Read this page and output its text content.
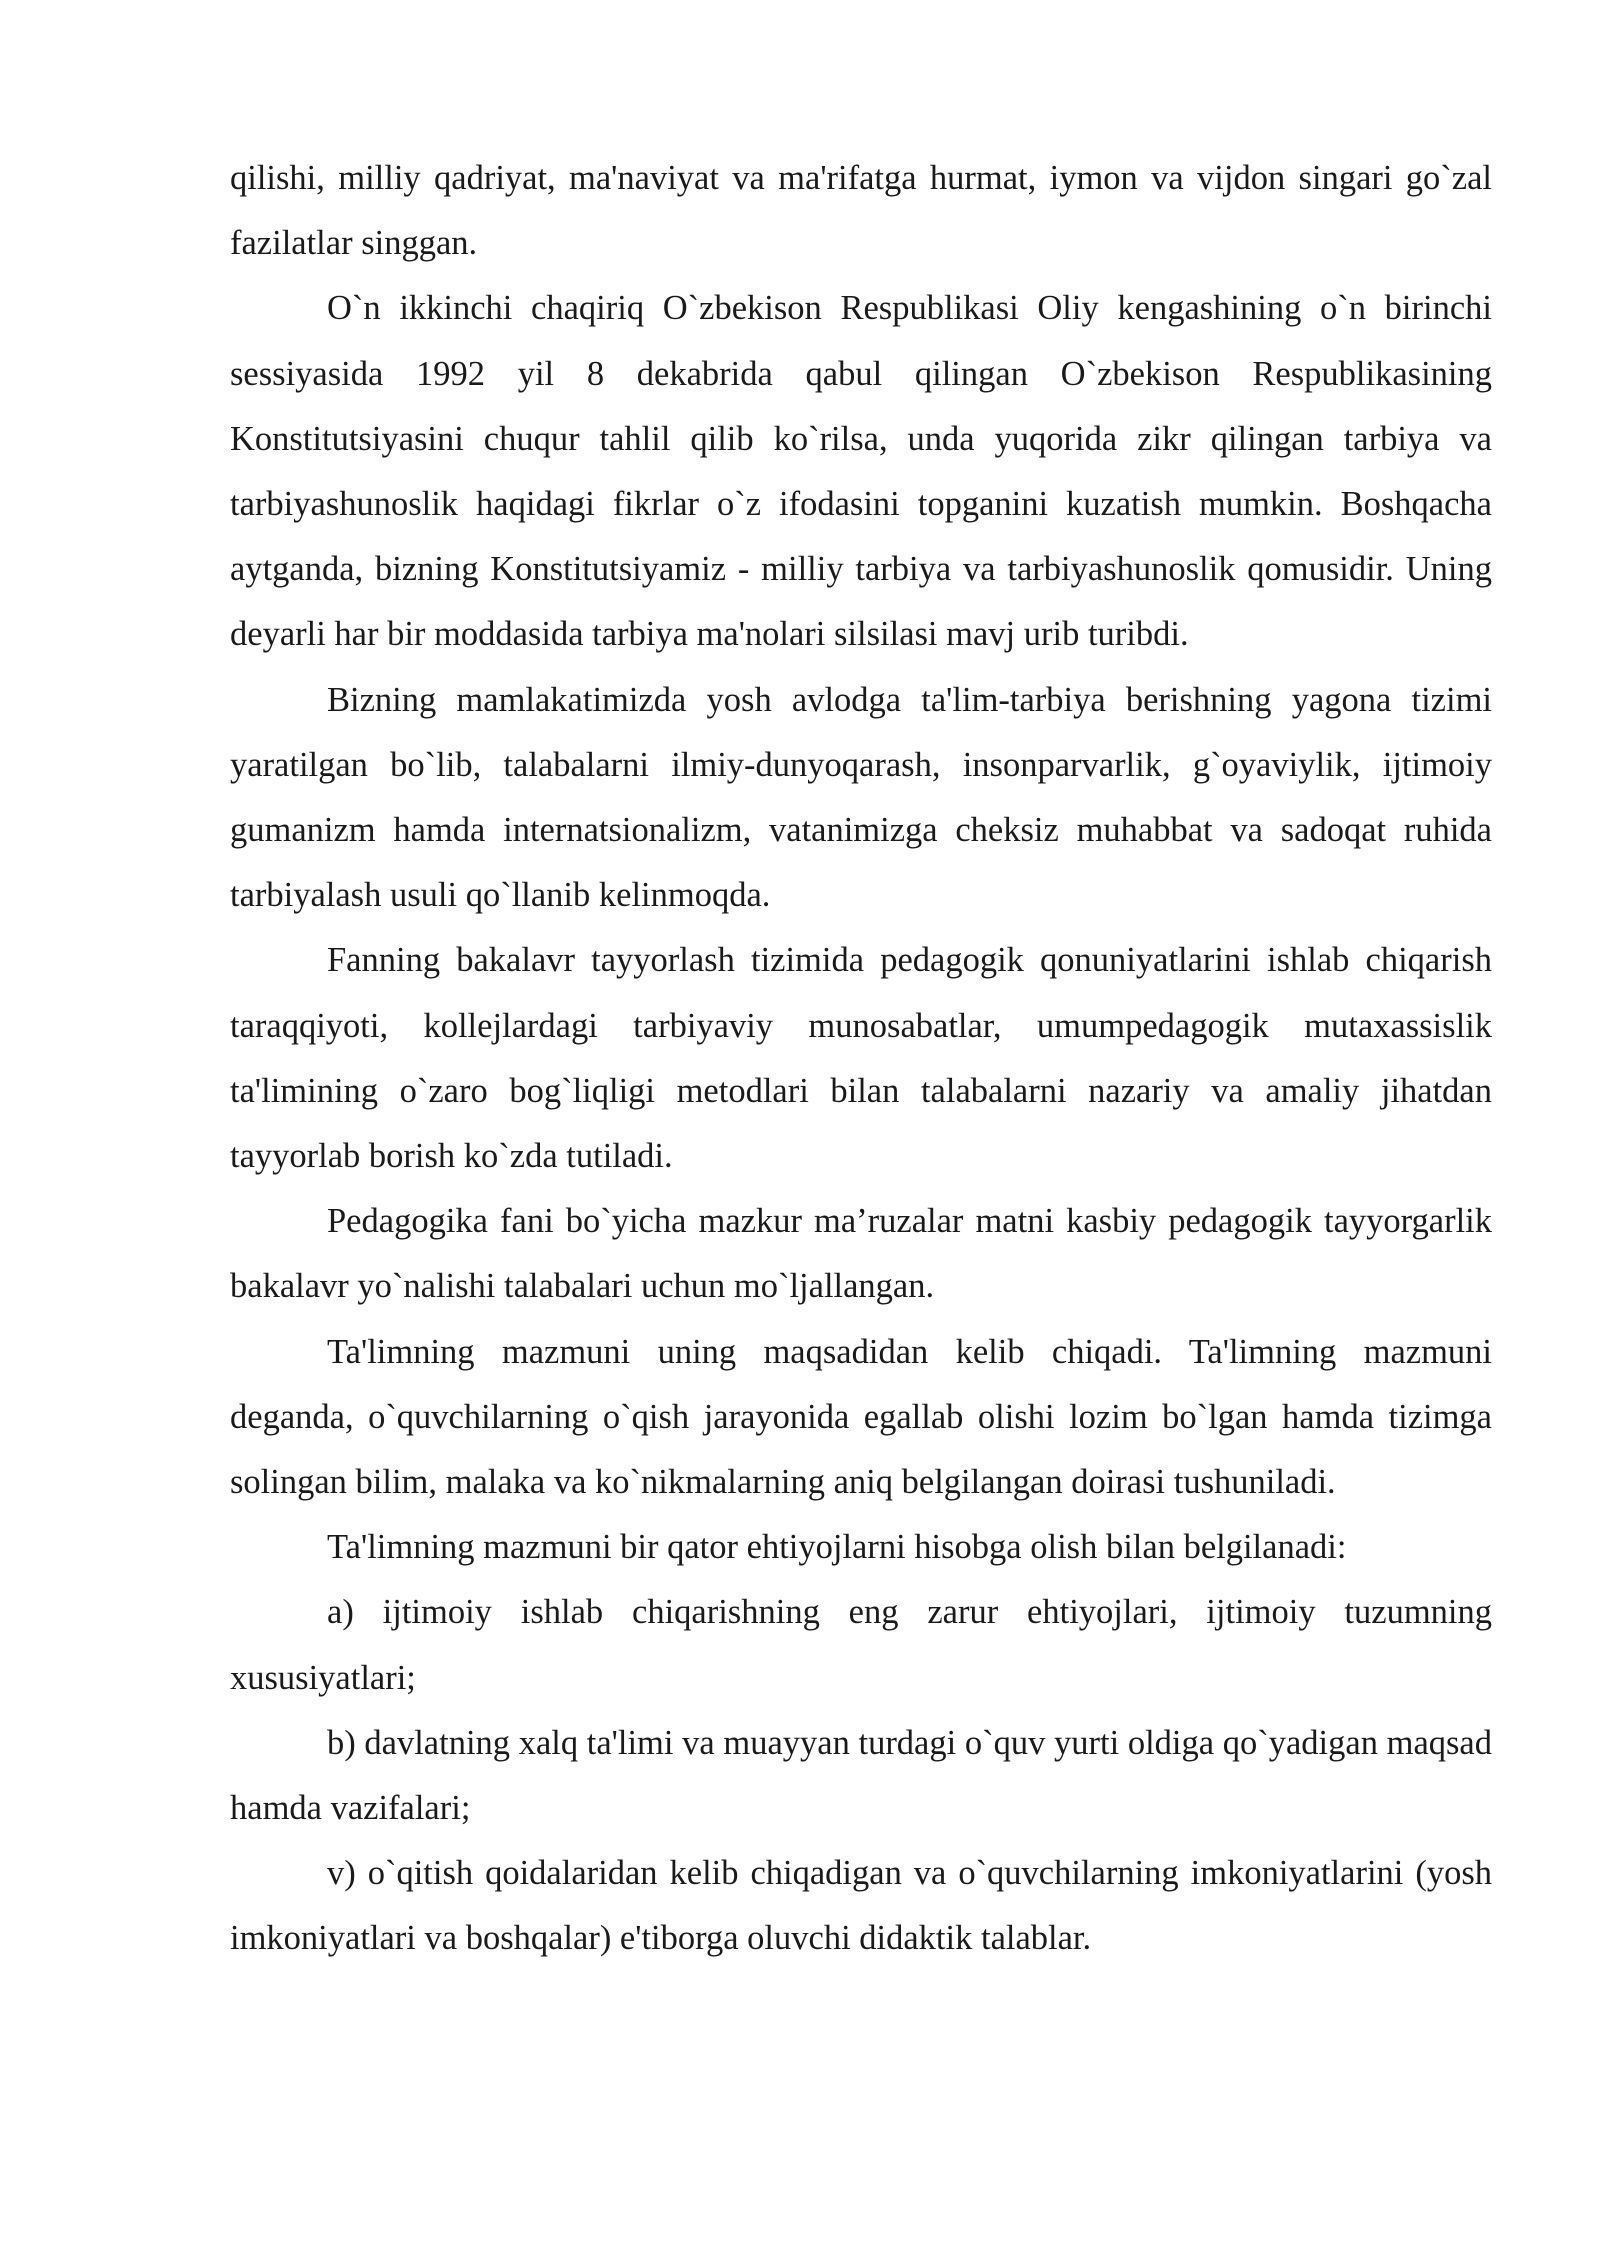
qilishi, milliy qadriyat, ma'naviyat va ma'rifatga hurmat, iymon va vijdon singari go`zal fazilatlar singgan.

O`n ikkinchi chaqiriq O`zbekison Respublikasi Oliy kengashining o`n birinchi sessiyasida 1992 yil 8 dekabrida qabul qilingan O`zbekison Respublikasining Konstitutsiyasini chuqur tahlil qilib ko`rilsa, unda yuqorida zikr qilingan tarbiya va tarbiyashunoslik haqidagi fikrlar o`z ifodasini topganini kuzatish mumkin. Boshqacha aytganda, bizning Konstitutsiyamiz - milliy tarbiya va tarbiyashunoslik qomusidir. Uning deyarli har bir moddasida tarbiya ma'nolari silsilasi mavj urib turibdi.

Bizning mamlakatimizda yosh avlodga ta'lim-tarbiya berishning yagona tizimi yaratilgan bo`lib, talabalarni ilmiy-dunyoqarash, insonparvarlik, g`oyaviylik, ijtimoiy gumanizm hamda internatsionalizm, vatanimizga cheksiz muhabbat va sadoqat ruhida tarbiyalash usuli qo`llanib kelinmoqda.

Fanning bakalavr tayyorlash tizimida pedagogik qonuniyatlarini ishlab chiqarish taraqqiyoti, kollejlardagi tarbiyaviy munosabatlar, umumpedagogik mutaxassislik ta'limining o`zaro bog`liqligi metodlari bilan talabalarni nazariy va amaliy jihatdan tayyorlab borish ko`zda tutiladi.

Pedagogika fani bo`yicha mazkur ma’ruzalar matni kasbiy pedagogik tayyorgarlik bakalavr yo`nalishi talabalari uchun mo`ljallangan.

Ta'limning mazmuni uning maqsadidan kelib chiqadi. Ta'limning mazmuni deganda, o`quvchilarning o`qish jarayonida egallab olishi lozim bo`lgan hamda tizimga solingan bilim, malaka va ko`nikmalarning aniq belgilangan doirasi tushuniladi.

Ta'limning mazmuni bir qator ehtiyojlarni hisobga olish bilan belgilanadi:

a) ijtimoiy ishlab chiqarishning eng zarur ehtiyojlari, ijtimoiy tuzumning xususiyatlari;

b) davlatning xalq ta'limi va muayyan turdagi o`quv yurti oldiga qo`yadigan maqsad hamda vazifalari;

v) o`qitish qoidalaridan kelib chiqadigan va o`quvchilarning imkoniyatlarini (yosh imkoniyatlari va boshqalar) e'tiborga oluvchi didaktik talablar.
